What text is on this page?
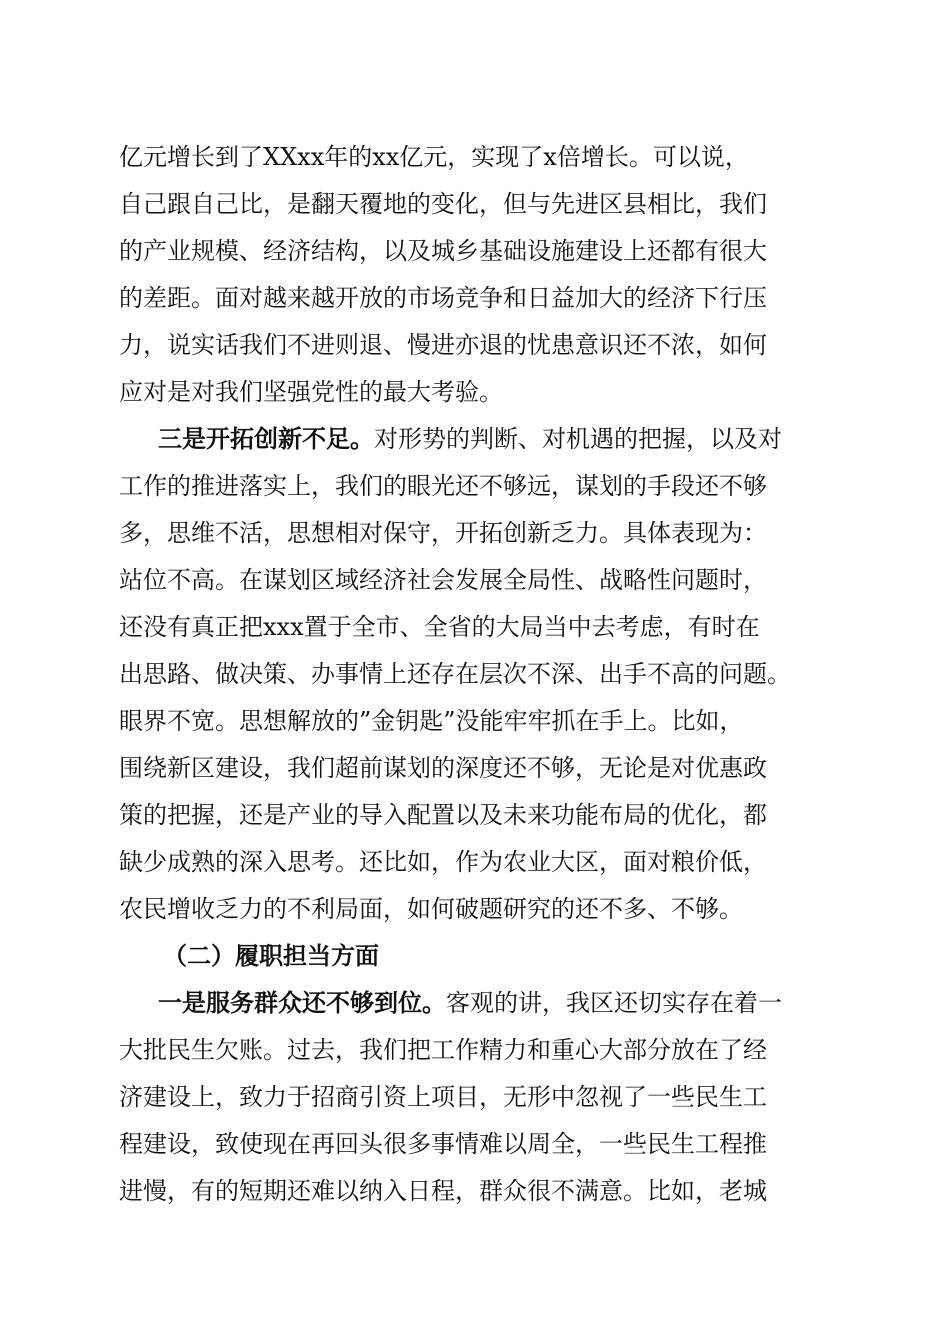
亿元增长到了XXxx年的xx亿元，实现了x倍增长。可以说，
自己跟自己比，是翻天覆地的变化，但与先进区县相比，我们
的产业规模、经济结构，以及城乡基础设施建设上还都有很大
的差距。面对越来越开放的市场竞争和日益加大的经济下行压
力，说实话我们不进则退、慢进亦退的忧患意识还不浓，如何
应对是对我们坚强党性的最大考验。
三是开拓创新不足。对形势的判断、对机遇的把握，以及对
工作的推进落实上，我们的眼光还不够远，谋划的手段还不够
多，思维不活，思想相对保守，开拓创新乏力。具体表现为：
站位不高。在谋划区域经济社会发展全局性、战略性问题时，
还没有真正把xxx置于全市、全省的大局当中去考虑，有时在
出思路、做决策、办事情上还存在层次不深、出手不高的问题。
眼界不宽。思想解放的”金钥匙”没能牢牢抓在手上。比如，
围绕新区建设，我们超前谋划的深度还不够，无论是对优惠政
策的把握，还是产业的导入配置以及未来功能布局的优化，都
缺少成熟的深入思考。还比如，作为农业大区，面对粮价低，
农民增收乏力的不利局面，如何破题研究的还不多、不够。
（二）履职担当方面
一是服务群众还不够到位。客观的讲，我区还切实存在着一
大批民生欠账。过去，我们把工作精力和重心大部分放在了经
济建设上，致力于招商引资上项目，无形中忽视了一些民生工
程建设，致使现在再回头很多事情难以周全，一些民生工程推
进慢，有的短期还难以纳入日程，群众很不满意。比如，老城
